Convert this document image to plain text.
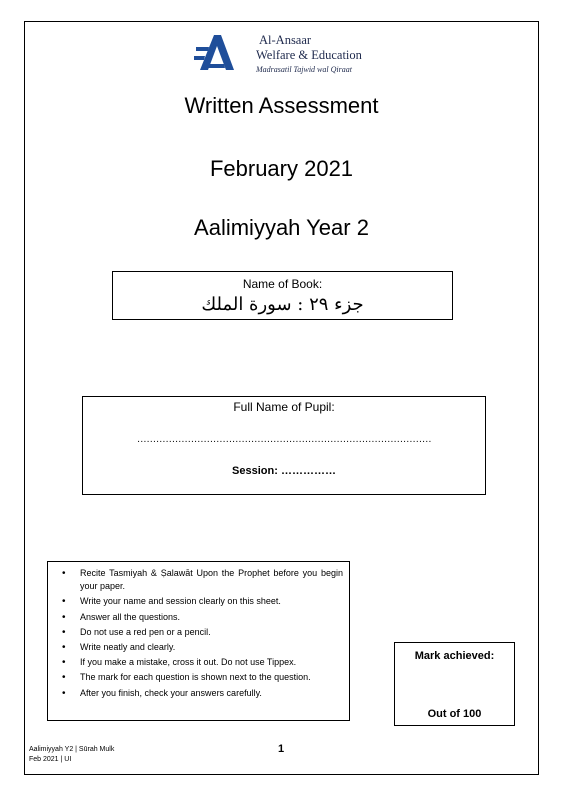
Al-Ansaar
Welfare & Education
Madrasatil Tajwid wal Qiraat
Written Assessment
February 2021
Aalimiyyah Year 2
Name of Book:
جزء ٢٩ : سورة الملك
Full Name of Pupil:
…………………………………………………………………………………
Session: ……………
• Recite Tasmiyah & Ṣalawāt Upon the Prophet before you begin your paper.
• Write your name and session clearly on this sheet.
• Answer all the questions.
• Do not use a red pen or a pencil.
• Write neatly and clearly.
• If you make a mistake, cross it out. Do not use Tippex.
• The mark for each question is shown next to the question.
• After you finish, check your answers carefully.
Mark achieved:
Out of 100
Aalimiyyah Y2 | Sūrah Mulk
Feb 2021 | UI
1
